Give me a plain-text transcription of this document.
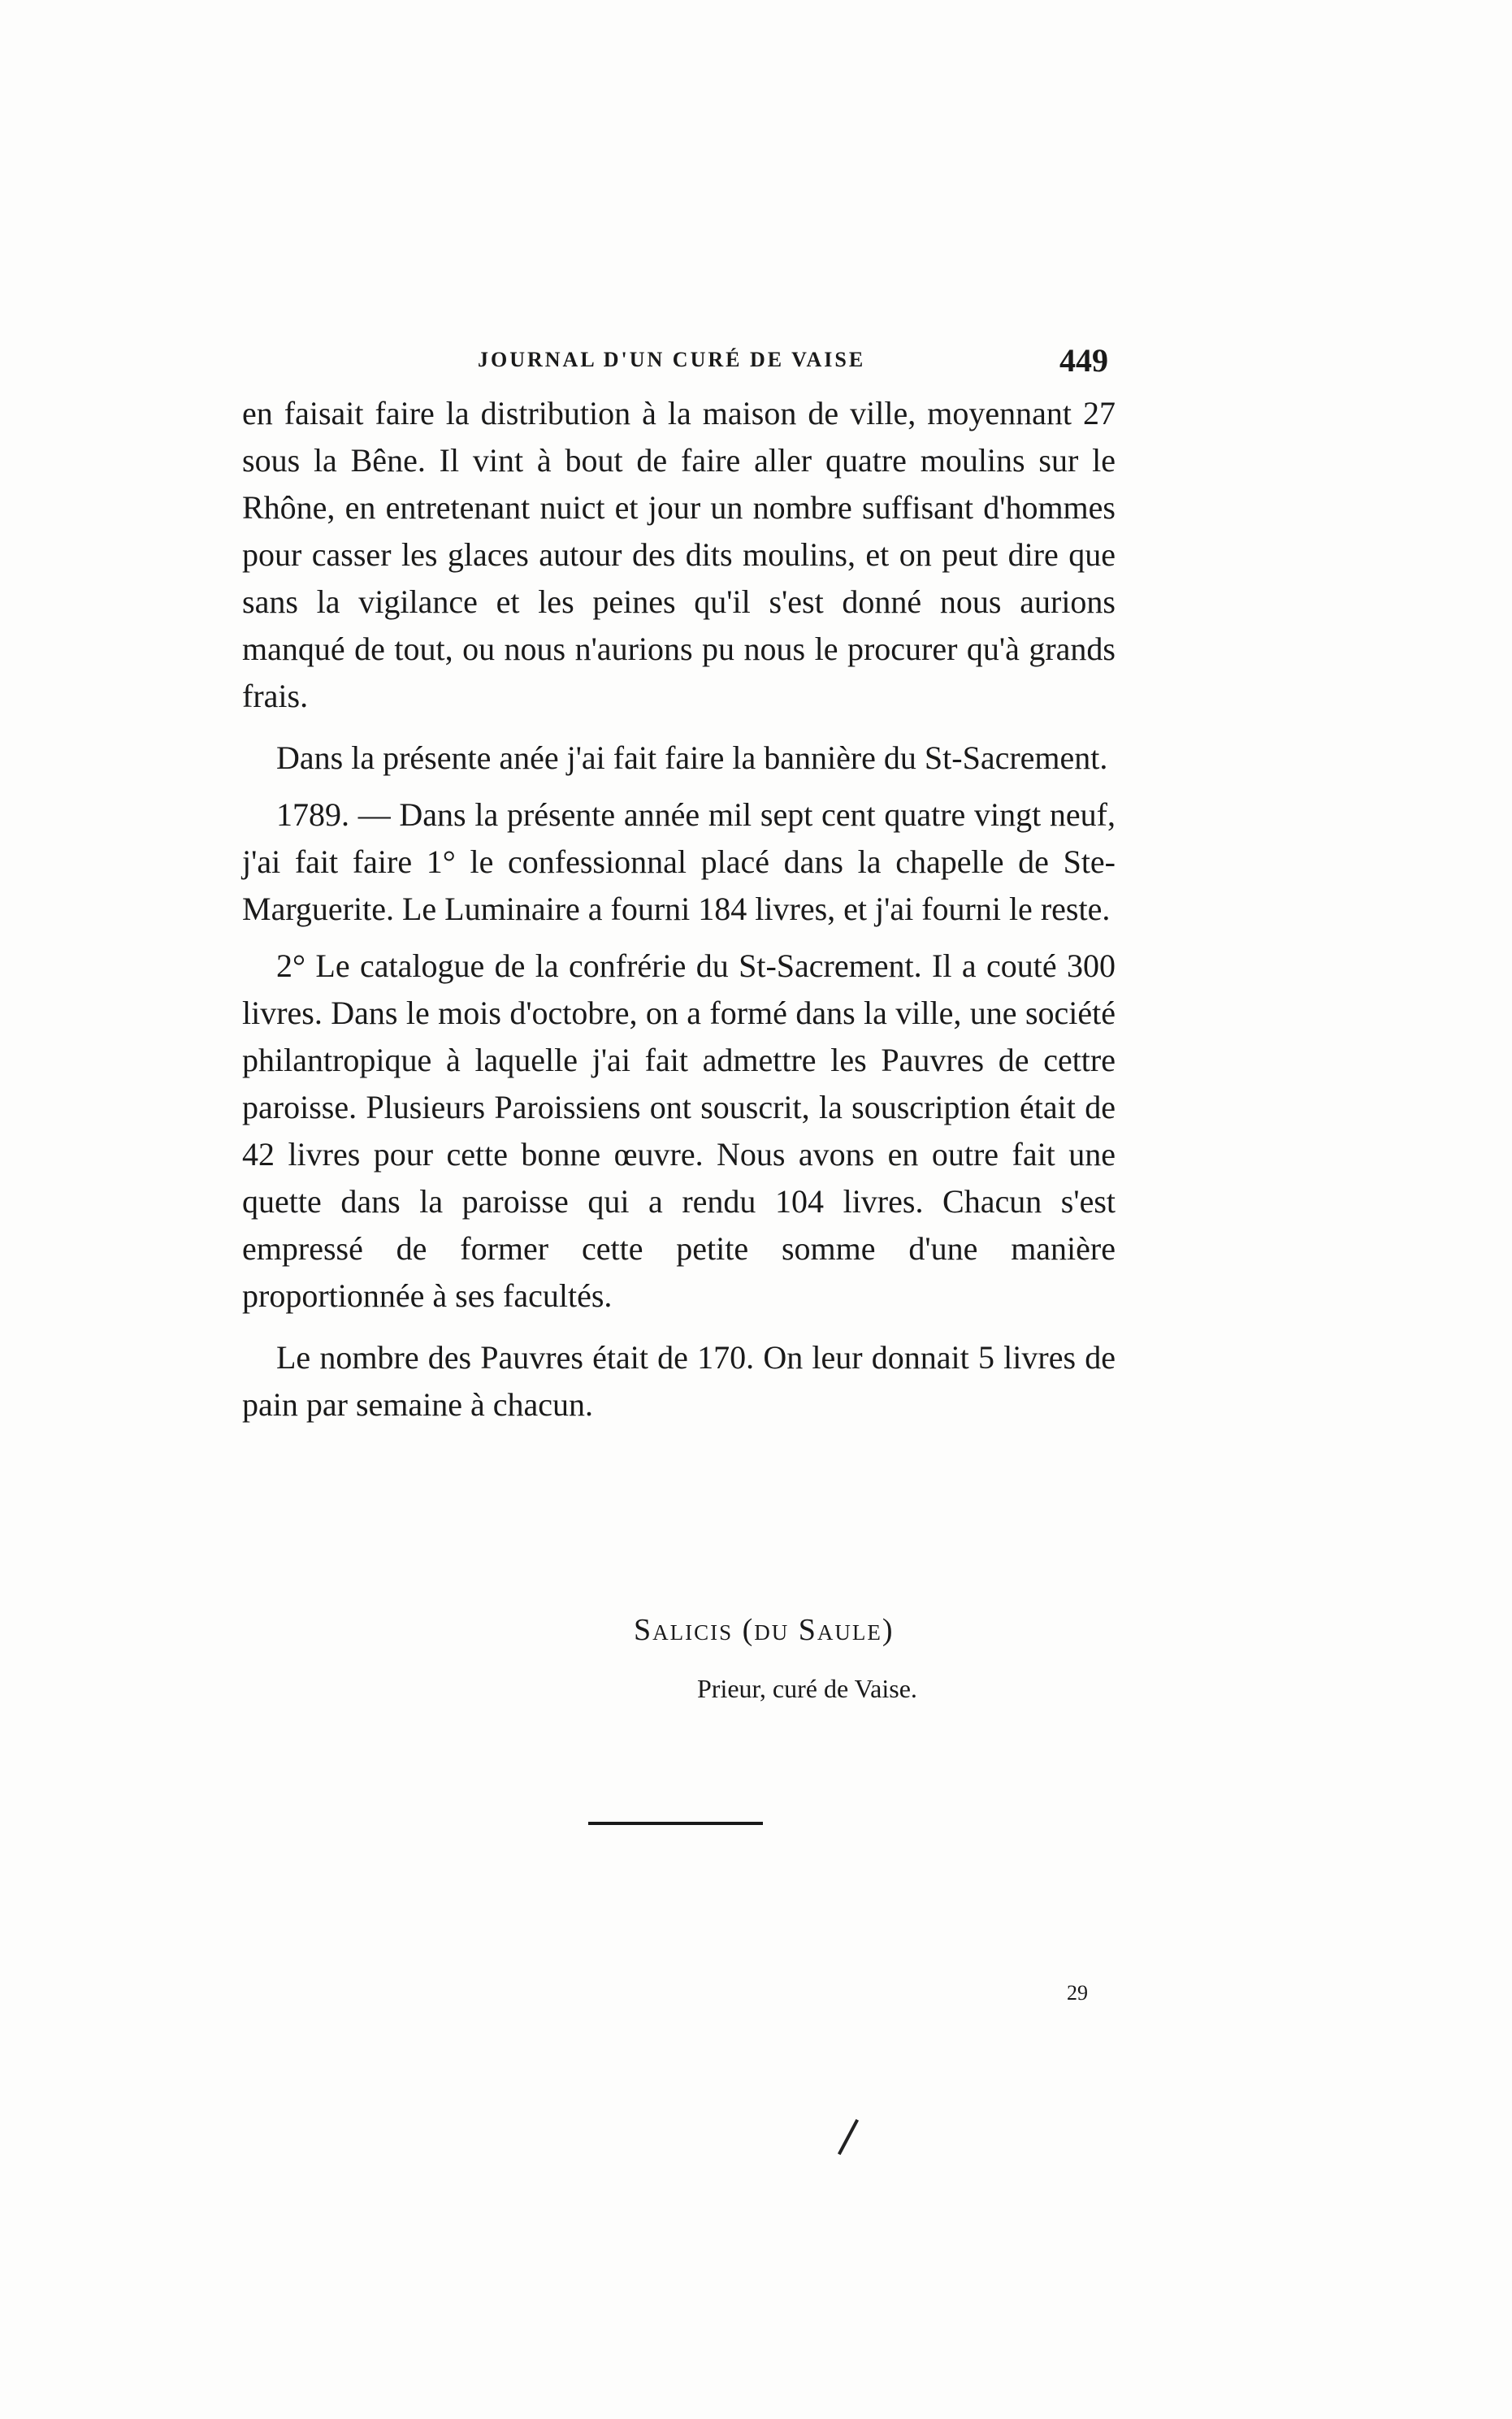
JOURNAL D'UN CURÉ DE VAISE	449

en faisait faire la distribution à la maison de ville, moyennant 27 sous la Bêne. Il vint à bout de faire aller quatre moulins sur le Rhône, en entretenant nuict et jour un nombre suffisant d'hommes pour casser les glaces autour des dits moulins, et on peut dire que sans la vigilance et les peines qu'il s'est donné nous aurions manqué de tout, ou nous n'aurions pu nous le procurer qu'à grands frais.

Dans la présente anée j'ai fait faire la bannière du St-Sacrement.

1789. — Dans la présente année mil sept cent quatre vingt neuf, j'ai fait faire 1° le confessionnal placé dans la chapelle de Ste-Marguerite. Le Luminaire a fourni 184 livres, et j'ai fourni le reste.

2° Le catalogue de la confrérie du St-Sacrement. Il a couté 300 livres. Dans le mois d'octobre, on a formé dans la ville, une société philantropique à laquelle j'ai fait admettre les Pauvres de cettre paroisse. Plusieurs Paroissiens ont souscrit, la souscription était de 42 livres pour cette bonne œuvre. Nous avons en outre fait une quette dans la paroisse qui a rendu 104 livres. Chacun s'est empressé de former cette petite somme d'une manière proportionnée à ses facultés.

Le nombre des Pauvres était de 170. On leur donnait 5 livres de pain par semaine à chacun.

Salicis (du Saule)
Prieur, curé de Vaise.
29
